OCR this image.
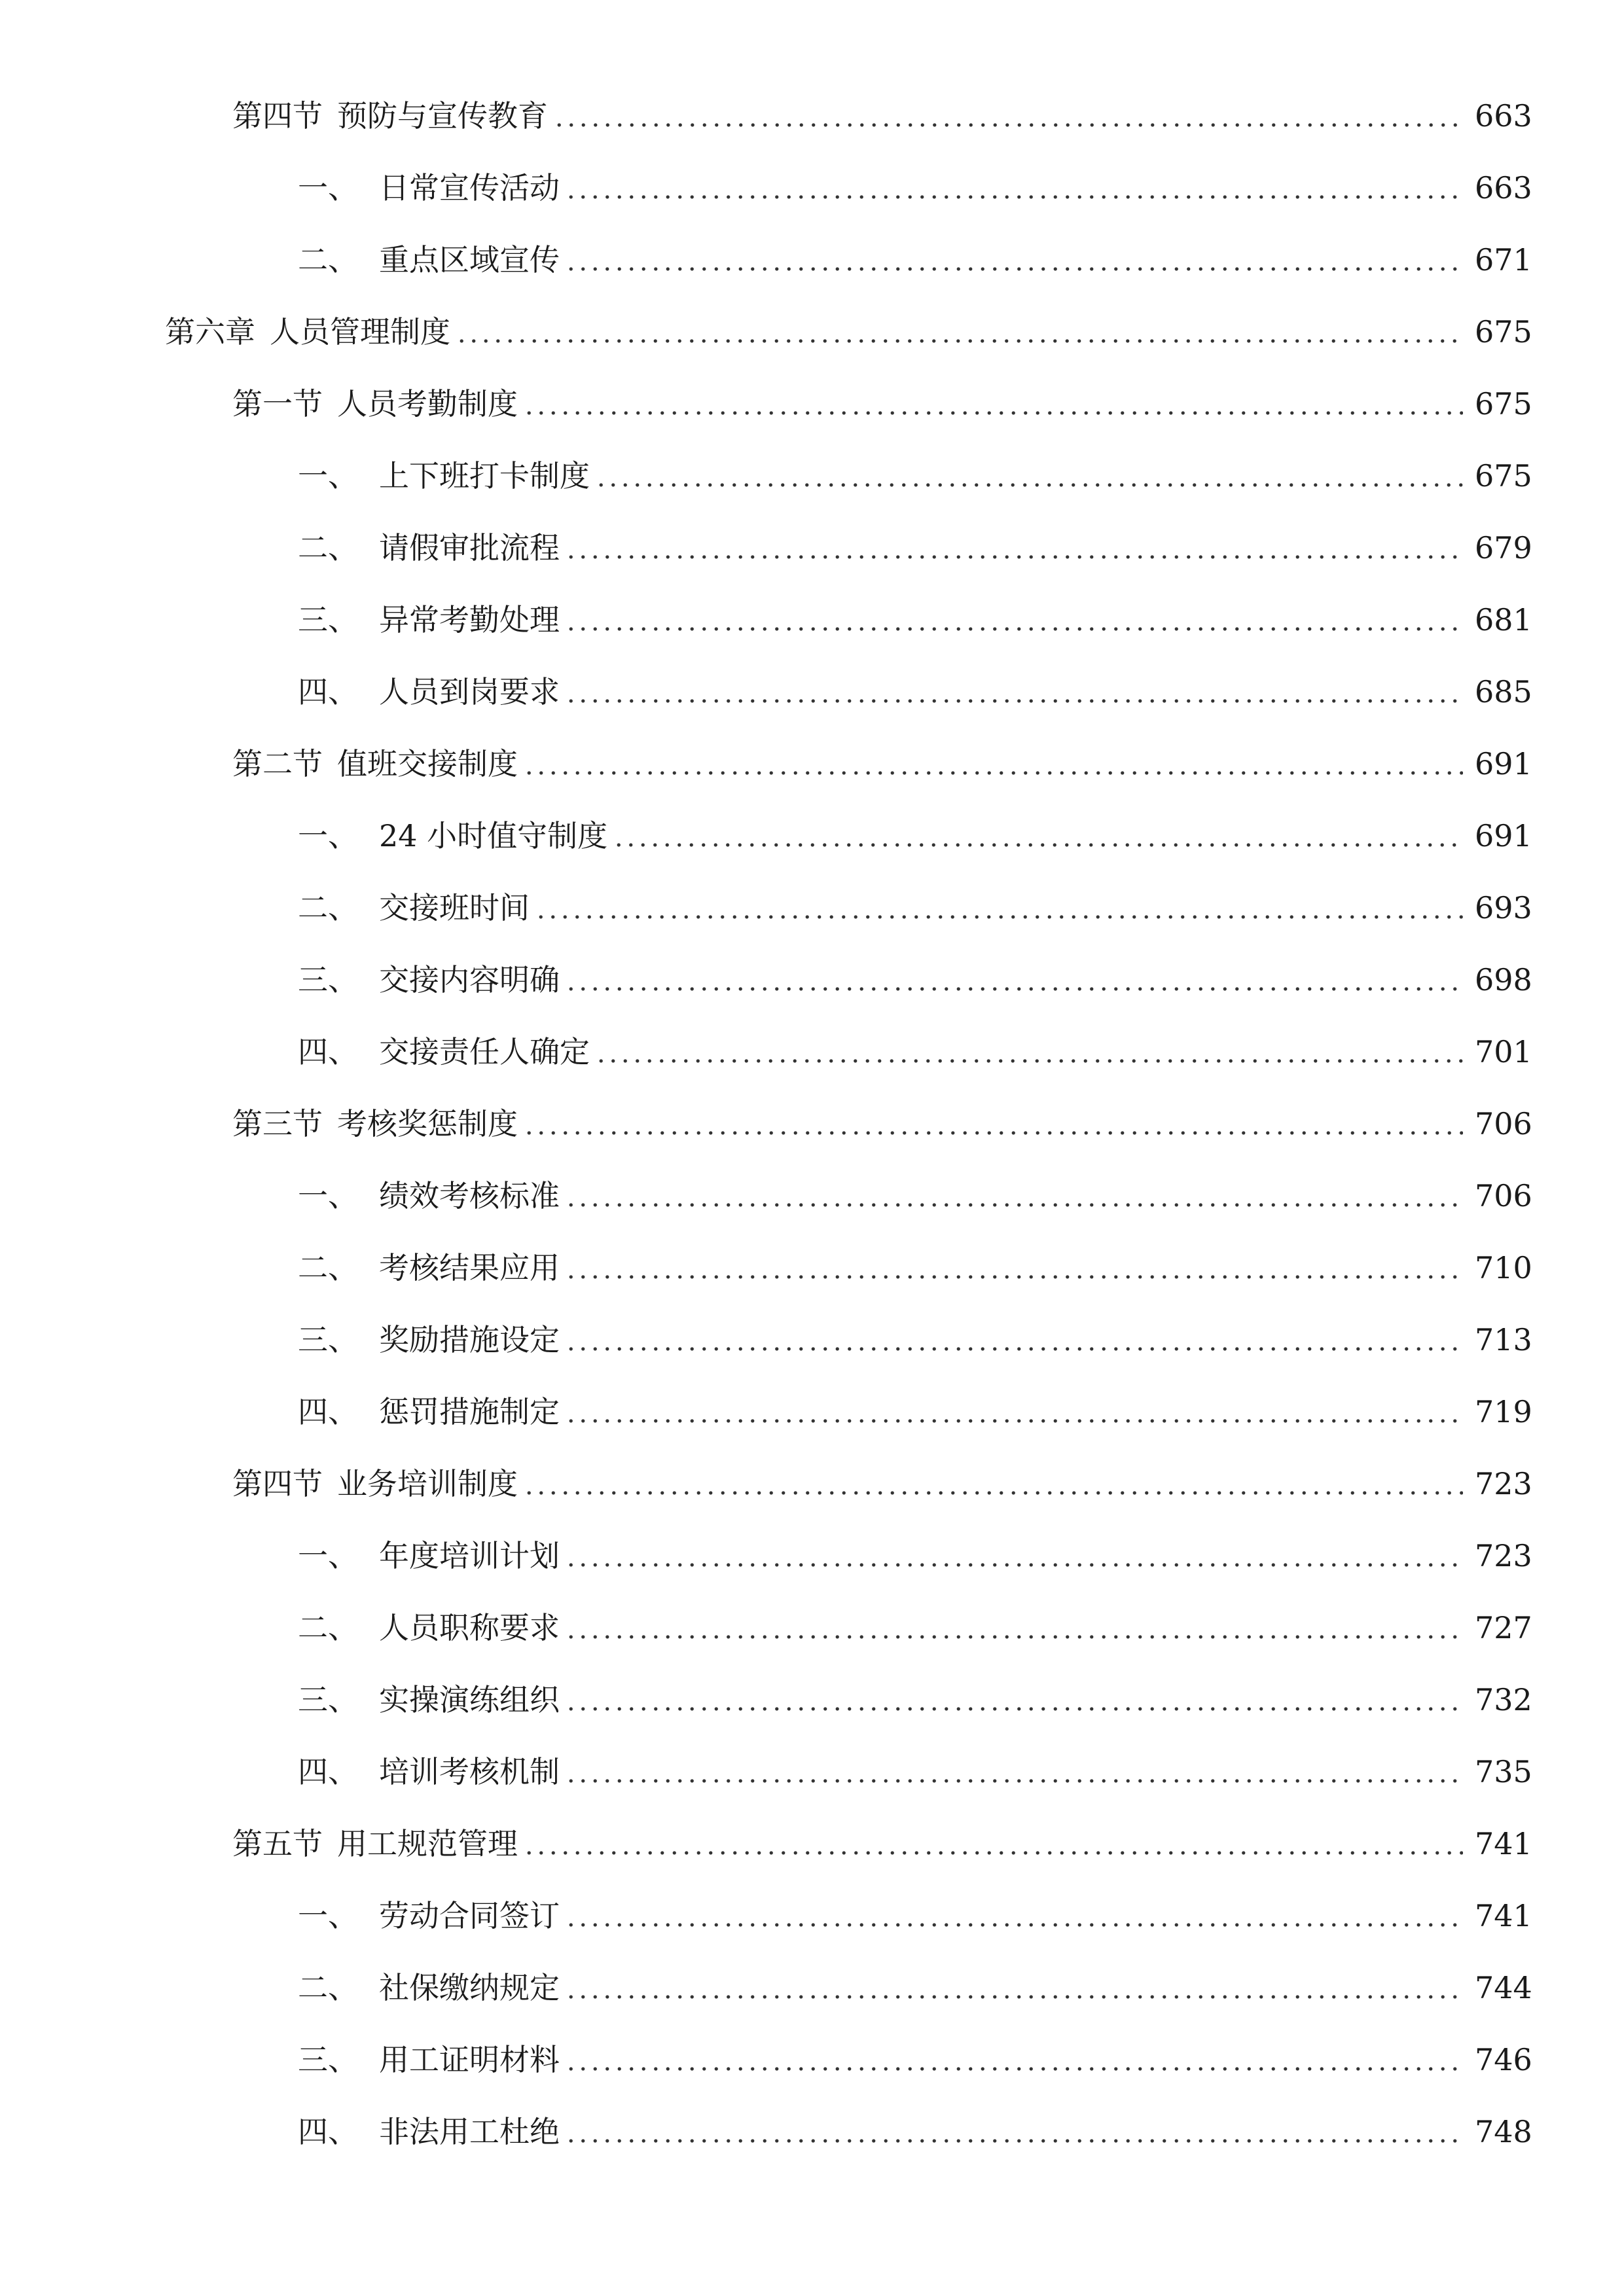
第四节 预防与宣传教育	663
一、 日常宣传活动	663
二、 重点区域宣传	671
第六章 人员管理制度	675
第一节 人员考勤制度	675
一、 上下班打卡制度	675
二、 请假审批流程	679
三、 异常考勤处理	681
四、 人员到岗要求	685
第二节 值班交接制度	691
一、 24 小时值守制度	691
二、 交接班时间	693
三、 交接内容明确	698
四、 交接责任人确定	701
第三节 考核奖惩制度	706
一、 绩效考核标准	706
二、 考核结果应用	710
三、 奖励措施设定	713
四、 惩罚措施制定	719
第四节 业务培训制度	723
一、 年度培训计划	723
二、 人员职称要求	727
三、 实操演练组织	732
四、 培训考核机制	735
第五节 用工规范管理	741
一、 劳动合同签订	741
二、 社保缴纳规定	744
三、 用工证明材料	746
四、 非法用工杜绝	748
